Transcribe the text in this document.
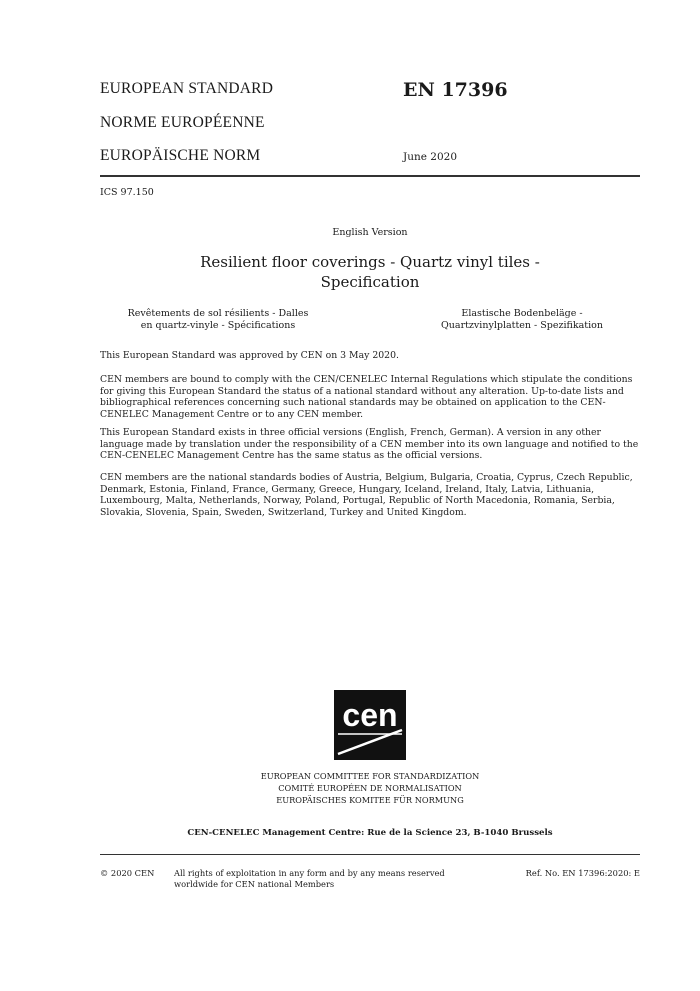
EUROPEAN STANDARD
NORME EUROPÉENNE
EUROPÄISCHE NORM
EN 17396
June 2020
ICS 97.150
English Version
Resilient floor coverings - Quartz vinyl tiles -
Specification
Revêtements de sol résilients - Dalles
en quartz-vinyle - Spécifications
Elastische Bodenbeläge -
Quartzvinylplatten - Spezifikation
This European Standard was approved by CEN on 3 May 2020.
CEN members are bound to comply with the CEN/CENELEC Internal Regulations which stipulate the conditions for giving this European Standard the status of a national standard without any alteration. Up-to-date lists and bibliographical references concerning such national standards may be obtained on application to the CEN-CENELEC Management Centre or to any CEN member.
This European Standard exists in three official versions (English, French, German). A version in any other language made by translation under the responsibility of a CEN member into its own language and notified to the CEN-CENELEC Management Centre has the same status as the official versions.
CEN members are the national standards bodies of Austria, Belgium, Bulgaria, Croatia, Cyprus, Czech Republic, Denmark, Estonia, Finland, France, Germany, Greece, Hungary, Iceland, Ireland, Italy, Latvia, Lithuania, Luxembourg, Malta, Netherlands, Norway, Poland, Portugal, Republic of North Macedonia, Romania, Serbia, Slovakia, Slovenia, Spain, Sweden, Switzerland, Turkey and United Kingdom.
cen
EUROPEAN COMMITTEE FOR STANDARDIZATION
COMITÉ EUROPÉEN DE NORMALISATION
EUROPÄISCHES KOMITEE FÜR NORMUNG
CEN-CENELEC Management Centre: Rue de la Science 23, B-1040 Brussels
© 2020 CEN All rights of exploitation in any form and by any means reserved
worldwide for CEN national Members
Ref. No. EN 17396:2020: E
